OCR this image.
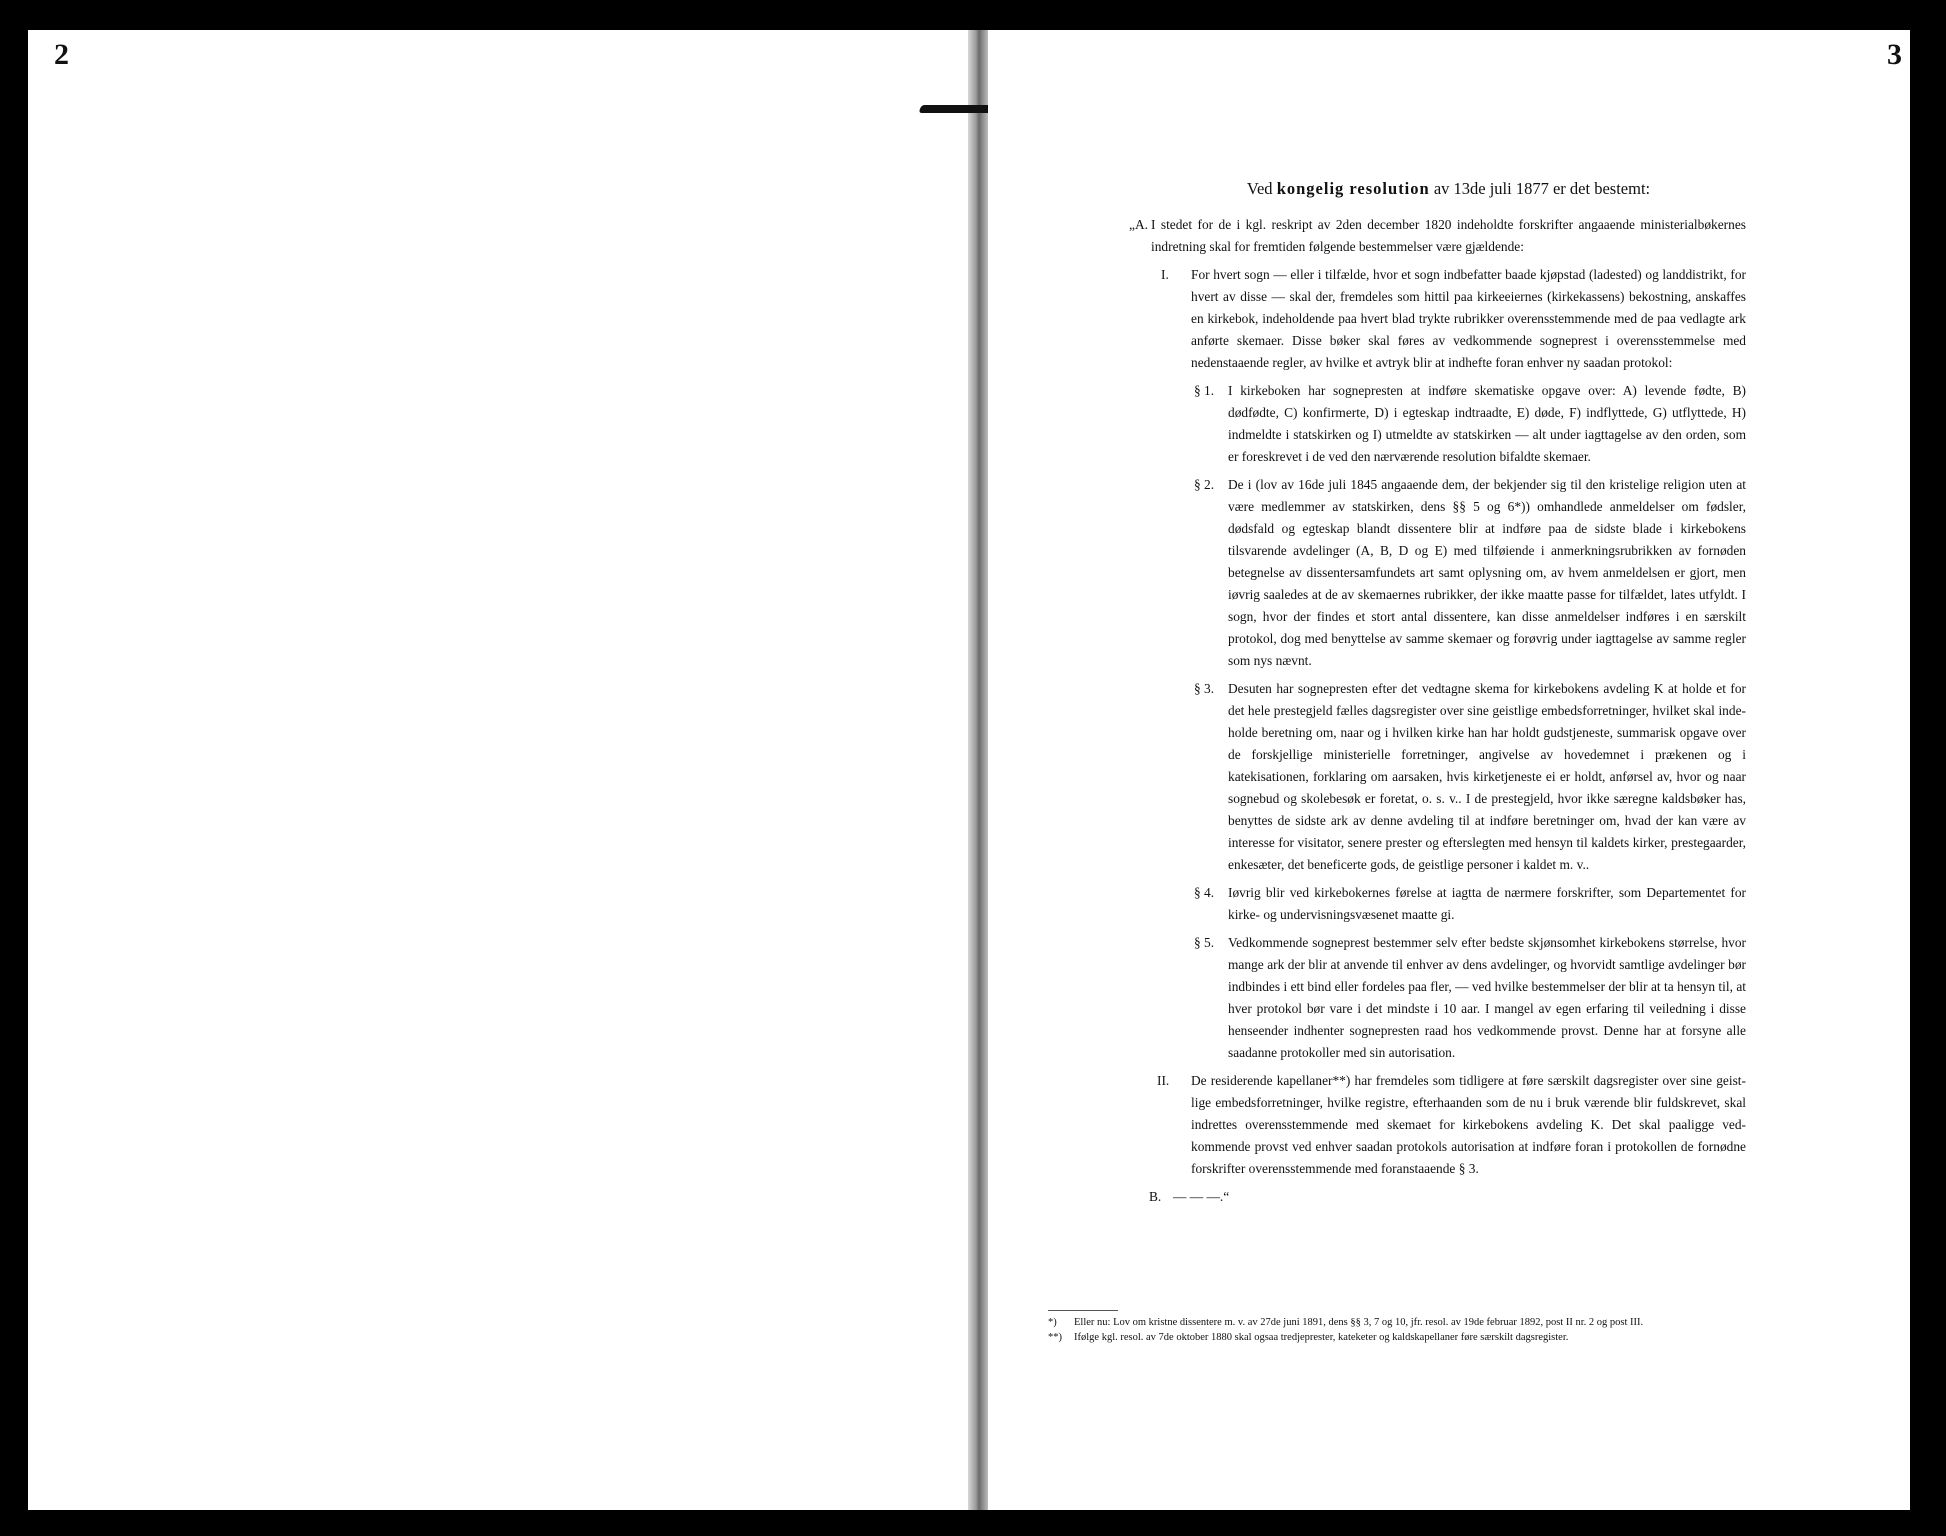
2	3
Ved kongelig resolution av 13de juli 1877 er det bestemt:
„A. I stedet for de i kgl. reskript av 2den december 1820 indeholdte forskrifter angaaende ministerialbøkernes indretning skal for fremtiden følgende bestemmelser være gjældende:
I. For hvert sogn — eller i tilfælde, hvor et sogn indbefatter baade kjøpstad (ladested) og landdistrikt, for hvert av disse — skal der, fremdeles som hittil paa kirkeeiernes (kirkekassens) bekostning, anskaffes en kirkebok, indeholdende paa hvert blad trykte rubrikker overensstemmende med de paa vedlagte ark anførte skemaer. Disse bøker skal føres av vedkommende sogneprest i overensstemmelse med nedenstaaende regler, av hvilke et avtryk blir at indhefte foran enhver ny saadan protokol:
§ 1. I kirkeboken har sognepresten at indføre skematiske opgave over: A) levende fødte, B) dødfødte, C) konfirmerte, D) i egteskap indtraadte, E) døde, F) indflyttede, G) utflyttede, H) indmeldte i statskirken og I) utmeldte av statskirken — alt under iagttagelse av den orden, som er foreskrevet i de ved den nærværende resolution bifaldte skemaer.
§ 2. De i (lov av 16de juli 1845 angaaende dem, der bekjender sig til den kristelige religion uten at være medlemmer av statskirken, dens §§ 5 og 6*)) omhandlede anmeldelser om fødsler, dødsfald og egteskap blandt dissentere blir at indføre paa de sidste blade i kirkebokens tilsvarende avdelinger (A, B, D og E) med tilføiende i anmerkningsrubrikken av fornøden betegnelse av dissentersamfundets art samt oplysning om, av hvem anmeldelsen er gjort, men iøvrig saaledes at de av skemaernes rubrikker, der ikke maatte passe for tilfældet, lates utfyldt. I sogn, hvor der findes et stort antal dissentere, kan disse anmeldelser indføres i en særskilt protokol, dog med benyttelse av samme skemaer og forøvrig under iagttagelse av samme regler som nys nævnt.
§ 3. Desuten har sognepresten efter det vedtagne skema for kirkebokens avdeling K at holde et for det hele prestegjeld fælles dagsregister over sine geistlige embedsforretninger, hvilket skal indeholde beretning om, naar og i hvilken kirke han har holdt gudstjeneste, summarisk opgave over de forskjellige ministerielle forretninger, angivelse av hovedemnet i prækenen og i katekisationen, forklaring om aarsaken, hvis kirketjeneste ei er holdt, anførsel av, hvor og naar sognebud og skolebesøk er foretat, o. s. v.. I de prestegjeld, hvor ikke særegne kaldsbøker has, benyttes de sidste ark av denne avdeling til at indføre beretninger om, hvad der kan være av interesse for visitator, senere prester og efterslegten med hensyn til kaldets kirker, prestegaarder, enkesæter, det beneficerte gods, de geistlige personer i kaldet m. v..
§ 4. Iøvrig blir ved kirkebokernes førelse at iagtta de nærmere forskrifter, som Departementet for kirke- og undervisningsvæsenet maatte gi.
§ 5. Vedkommende sogneprest bestemmer selv efter bedste skjønsomhet kirkebokens størrelse, hvor mange ark der blir at anvende til enhver av dens avdelinger, og hvorvidt samtlige avdelinger bør indbindes i ett bind eller fordeles paa fler, — ved hvilke bestemmelser der blir at ta hensyn til, at hver protokol bør vare i det mindste i 10 aar. I mangel av egen erfaring til veiledning i disse henseender indhenter sognepresten raad hos vedkommende provst. Denne har at forsyne alle saadanne protokoller med sin autorisation.
II. De residerende kapellaner**) har fremdeles som tidligere at føre særskilt dagsregister over sine geistlige embedsforretninger, hvilke registre, efterhaanden som de nu i bruk værende blir fuldskrevet, skal indrettes overensstemmende med skemaet for kirkebokens avdeling K. Det skal paaligge vedkommende provst ved enhver saadan protokols autorisation at indføre foran i protokollen de fornødne forskrifter overensstemmende med foranstaaende § 3.
B. — — —.“
*) Eller nu: Lov om kristne dissentere m. v. av 27de juni 1891, dens §§ 3, 7 og 10, jfr. resol. av 19de februar 1892, post II nr. 2 og post III.
**) Ifølge kgl. resol. av 7de oktober 1880 skal ogsaa tredjeprester, kateketer og kaldskapellaner føre særskilt dagsregister.
